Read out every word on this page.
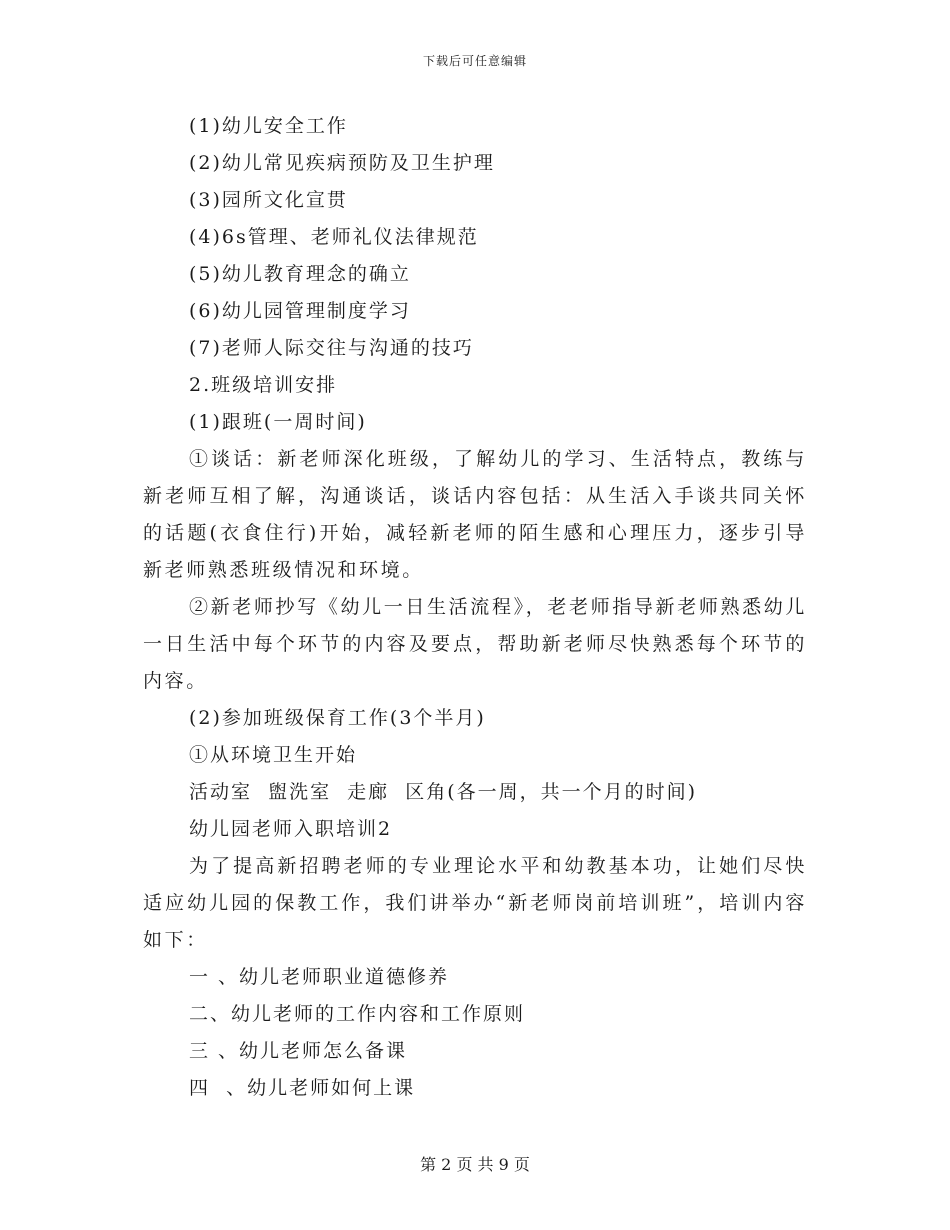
下载后可任意编辑
(1)幼儿安全工作
(2)幼儿常见疾病预防及卫生护理
(3)园所文化宣贯
(4)6s管理、老师礼仪法律规范
(5)幼儿教育理念的确立
(6)幼儿园管理制度学习
(7)老师人际交往与沟通的技巧
2.班级培训安排
(1)跟班(一周时间)

①谈话：新老师深化班级，了解幼儿的学习、生活特点，教练与新老师互相了解，沟通谈话，谈话内容包括：从生活入手谈共同关怀的话题(衣食住行)开始，减轻新老师的陌生感和心理压力，逐步引导新老师熟悉班级情况和环境。

②新老师抄写《幼儿一日生活流程》，老老师指导新老师熟悉幼儿一日生活中每个环节的内容及要点，帮助新老师尽快熟悉每个环节的内容。

(2)参加班级保育工作(3个半月)
①从环境卫生开始
活动室  盥洗室  走廊  区角(各一周，共一个月的时间)
幼儿园老师入职培训2

为了提高新招聘老师的专业理论水平和幼教基本功，让她们尽快适应幼儿园的保教工作，我们讲举办“新老师岗前培训班”，培训内容如下：

一 、幼儿老师职业道德修养
二、幼儿老师的工作内容和工作原则
三 、幼儿老师怎么备课
四  、幼儿老师如何上课
第 2 页 共 9 页
